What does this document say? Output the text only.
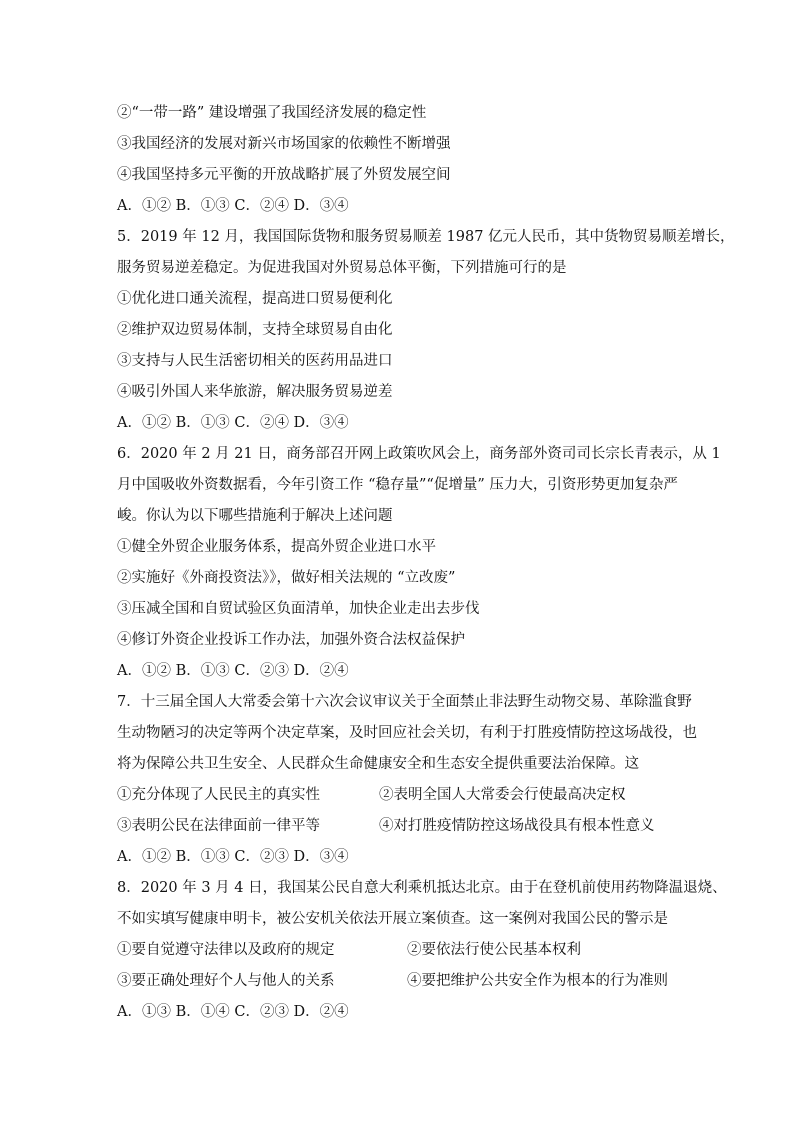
②“一带一路” 建设增强了我国经济发展的稳定性
③我国经济的发展对新兴市场国家的依赖性不断增强
④我国坚持多元平衡的开放战略扩展了外贸发展空间
A．①② B．①③ C．②④ D．③④
5．2019 年 12 月，我国国际货物和服务贸易顺差 1987 亿元人民币，其中货物贸易顺差增长，
服务贸易逆差稳定。为促进我国对外贸易总体平衡，下列措施可行的是
①优化进口通关流程，提高进口贸易便利化
②维护双边贸易体制，支持全球贸易自由化
③支持与人民生活密切相关的医药用品进口
④吸引外国人来华旅游，解决服务贸易逆差
A．①② B．①③ C．②④ D．③④
6．2020 年 2 月 21 日，商务部召开网上政策吹风会上，商务部外资司司长宗长青表示，从 1
月中国吸收外资数据看，今年引资工作 “稳存量”“促增量” 压力大，引资形势更加复杂严
峻。你认为以下哪些措施利于解决上述问题
①健全外贸企业服务体系，提高外贸企业进口水平
②实施好《外商投资法》》，做好相关法规的 “立改废”
③压减全国和自贸试验区负面清单，加快企业走出去步伐
④修订外资企业投诉工作办法，加强外资合法权益保护
A．①② B．①③ C．②③ D．②④
7．十三届全国人大常委会第十六次会议审议关于全面禁止非法野生动物交易、革除滥食野
生动物陋习的决定等两个决定草案，及时回应社会关切，有利于打胜疫情防控这场战役，也
将为保障公共卫生安全、人民群众生命健康安全和生态安全提供重要法治保障。这
①充分体现了人民民主的真实性	②表明全国人大常委会行使最高决定权
③表明公民在法律面前一律平等	④对打胜疫情防控这场战役具有根本性意义
A．①② B．①③ C．②③ D．③④
8．2020 年 3 月 4 日，我国某公民自意大利乘机抵达北京。由于在登机前使用药物降温退烧、
不如实填写健康申明卡，被公安机关依法开展立案侦查。这一案例对我国公民的警示是
①要自觉遵守法律以及政府的规定	②要依法行使公民基本权利
③要正确处理好个人与他人的关系	④要把维护公共安全作为根本的行为准则
A．①③ B．①④ C．②③ D．②④
